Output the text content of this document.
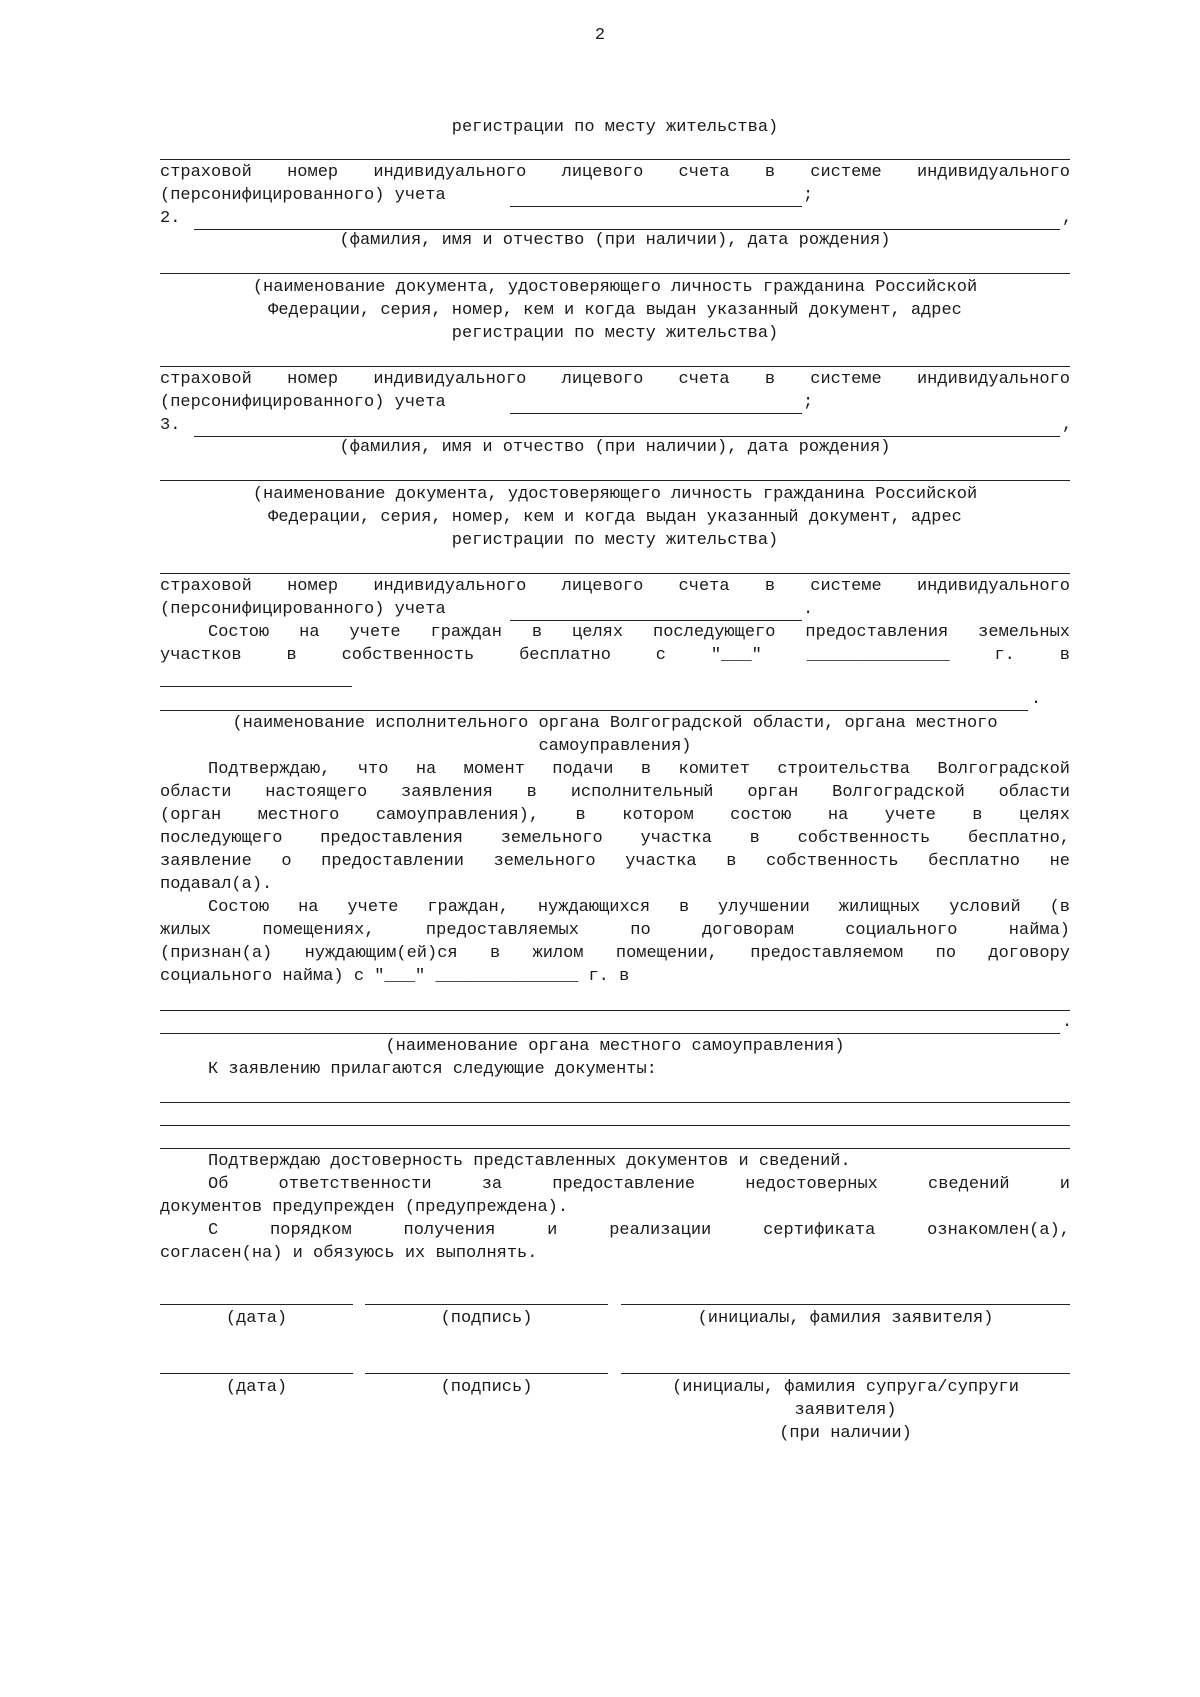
2
регистрации по месту жительства)
страховой номер индивидуального лицевого счета в системе индивидуального
(персонифицированного) учета	;
2.	,
(фамилия, имя и отчество (при наличии), дата рождения)
(наименование документа, удостоверяющего личность гражданина Российской
Федерации, серия, номер, кем и когда выдан указанный документ, адрес
регистрации по месту жительства)
страховой номер индивидуального лицевого счета в системе индивидуального
(персонифицированного) учета	;
3.	,
(фамилия, имя и отчество (при наличии), дата рождения)
(наименование документа, удостоверяющего личность гражданина Российской
Федерации, серия, номер, кем и когда выдан указанный документ, адрес
регистрации по месту жительства)
страховой номер индивидуального лицевого счета в системе индивидуального
(персонифицированного) учета	.
Состою на учете граждан в целях последующего предоставления земельных
участков	в	собственность	бесплатно	с	"___"	______________	г.	в
.
(наименование исполнительного органа Волгоградской области, органа местного
самоуправления)
Подтверждаю, что на момент подачи в комитет строительства Волгоградской
области настоящего заявления в исполнительный орган Волгоградской области
(орган местного самоуправления), в котором состою на учете в целях
последующего предоставления земельного участка в собственность бесплатно,
заявление о предоставлении земельного участка в собственность бесплатно не
подавал(а).
Состою на учете граждан, нуждающихся в улучшении жилищных условий (в
жилых помещениях, предоставляемых по договорам социального найма)
(признан(а) нуждающим(ей)ся в жилом помещении, предоставляемом по договору
социального найма) с "___" ______________ г. в
.
(наименование органа местного самоуправления)
К заявлению прилагаются следующие документы:
Подтверждаю достоверность представленных документов и сведений.
Об ответственности за предоставление недостоверных сведений и
документов предупрежден (предупреждена).
С порядком получения и реализации сертификата ознакомлен(а),
согласен(на) и обязуюсь их выполнять.
(дата)	(подпись)	(инициалы, фамилия заявителя)
(дата)	(подпись)	(инициалы, фамилия супруга/супруги
заявителя)
(при наличии)
